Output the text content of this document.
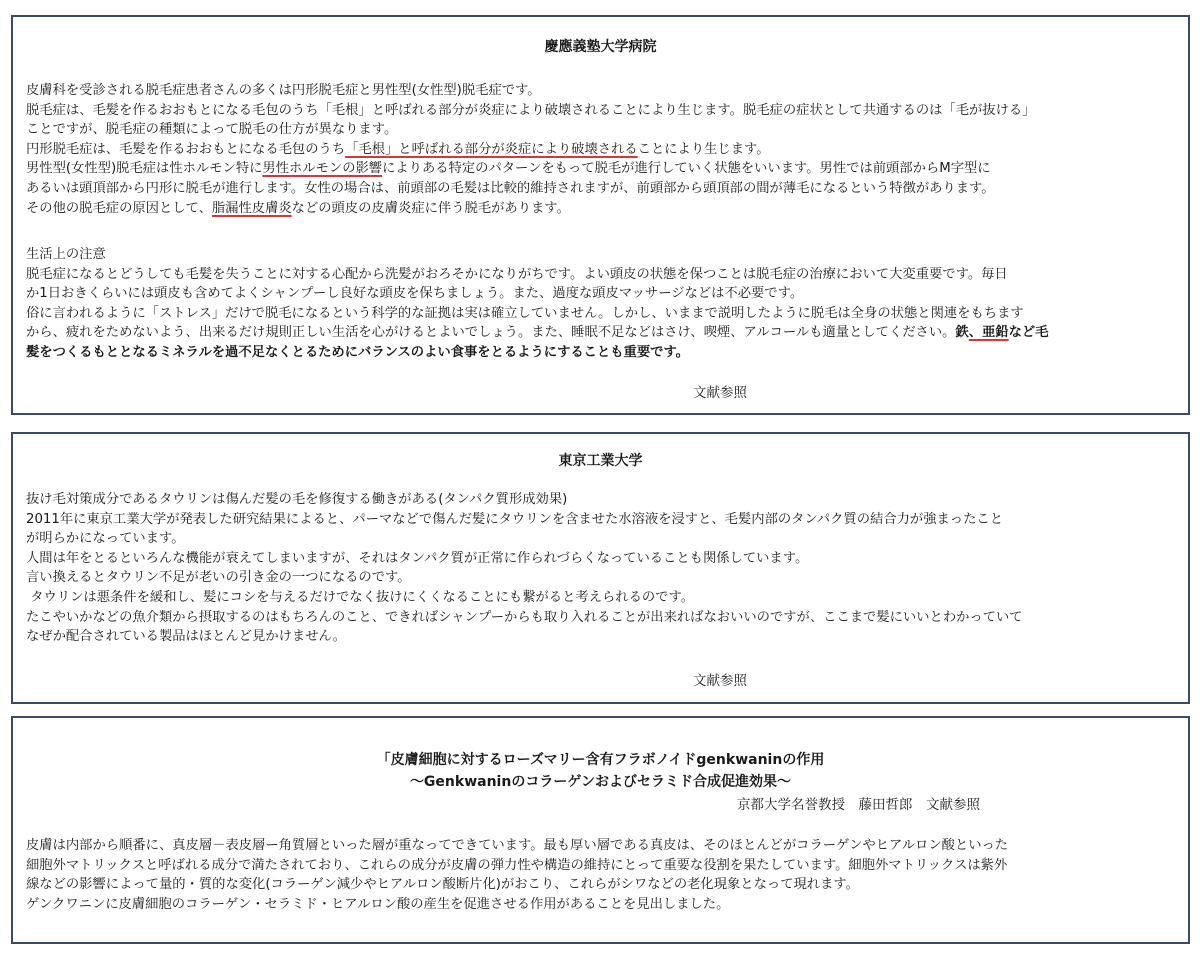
慶應義塾大学病院
皮膚科を受診される脱毛症患者さんの多くは円形脱毛症と男性型(女性型)脱毛症です。
脱毛症は、毛髪を作るおおもとになる毛包のうち「毛根」と呼ばれる部分が炎症により破壊されることにより生じます。脱毛症の症状として共通するのは「毛が抜ける」
ことですが、脱毛症の種類によって脱毛の仕方が異なります。
円形脱毛症は、毛髪を作るおおもとになる毛包のうち「毛根」と呼ばれる部分が炎症により破壊されることにより生じます。
男性型(女性型)脱毛症は性ホルモン特に男性ホルモンの影響によりある特定のパターンをもって脱毛が進行していく状態をいいます。男性では前頭部からM字型に
あるいは頭頂部から円形に脱毛が進行します。女性の場合は、前頭部の毛髪は比較的維持されますが、前頭部から頭頂部の間が薄毛になるという特徴があります。
その他の脱毛症の原因として、脂漏性皮膚炎などの頭皮の皮膚炎症に伴う脱毛があります。
生活上の注意
脱毛症になるとどうしても毛髪を失うことに対する心配から洗髪がおろそかになりがちです。よい頭皮の状態を保つことは脱毛症の治療において大変重要です。毎日
か1日おきくらいには頭皮も含めてよくシャンプーし良好な頭皮を保ちましょう。また、過度な頭皮マッサージなどは不必要です。
俗に言われるように「ストレス」だけで脱毛になるという科学的な証拠は実は確立していません。しかし、いままで説明したように脱毛は全身の状態と関連をもちます
から、疲れをためないよう、出来るだけ規則正しい生活を心がけるとよいでしょう。また、睡眠不足などはさけ、喫煙、アルコールも適量としてください。鉄、亜鉛など毛
髪をつくるもととなるミネラルを過不足なくとるためにバランスのよい食事をとるようにすることも重要です。
文献参照
東京工業大学
抜け毛対策成分であるタウリンは傷んだ髪の毛を修復する働きがある(タンパク質形成効果)
2011年に東京工業大学が発表した研究結果によると、パーマなどで傷んだ髪にタウリンを含ませた水溶液を浸すと、毛髪内部のタンパク質の結合力が強まったこと
が明らかになっています。
人間は年をとるといろんな機能が衰えてしまいますが、それはタンパク質が正常に作られづらくなっていることも関係しています。
言い換えるとタウリン不足が老いの引き金の一つになるのです。
タウリンは悪条件を緩和し、髪にコシを与えるだけでなく抜けにくくなることにも繋がると考えられるのです。
たこやいかなどの魚介類から摂取するのはもちろんのこと、できればシャンプーからも取り入れることが出来ればなおいいのですが、ここまで髪にいいとわかっていて
なぜか配合されている製品はほとんど見かけません。
文献参照
「皮膚細胞に対するローズマリー含有フラボノイドgenkwaninの作用
～Genkwaninのコラーゲンおよびセラミド合成促進効果～
京都大学名誉教授　藤田哲郎　文献参照
皮膚は内部から順番に、真皮層－表皮層ー角質層といった層が重なってできています。最も厚い層である真皮は、そのほとんどがコラーゲンやヒアルロン酸といった
細胞外マトリックスと呼ばれる成分で満たされており、これらの成分が皮膚の弾力性や構造の維持にとって重要な役割を果たしています。細胞外マトリックスは紫外
線などの影響によって量的・質的な変化(コラーゲン減少やヒアルロン酸断片化)がおこり、これらがシワなどの老化現象となって現れます。
ゲンクワニンに皮膚細胞のコラーゲン・セラミド・ヒアルロン酸の産生を促進させる作用があることを見出しました。
